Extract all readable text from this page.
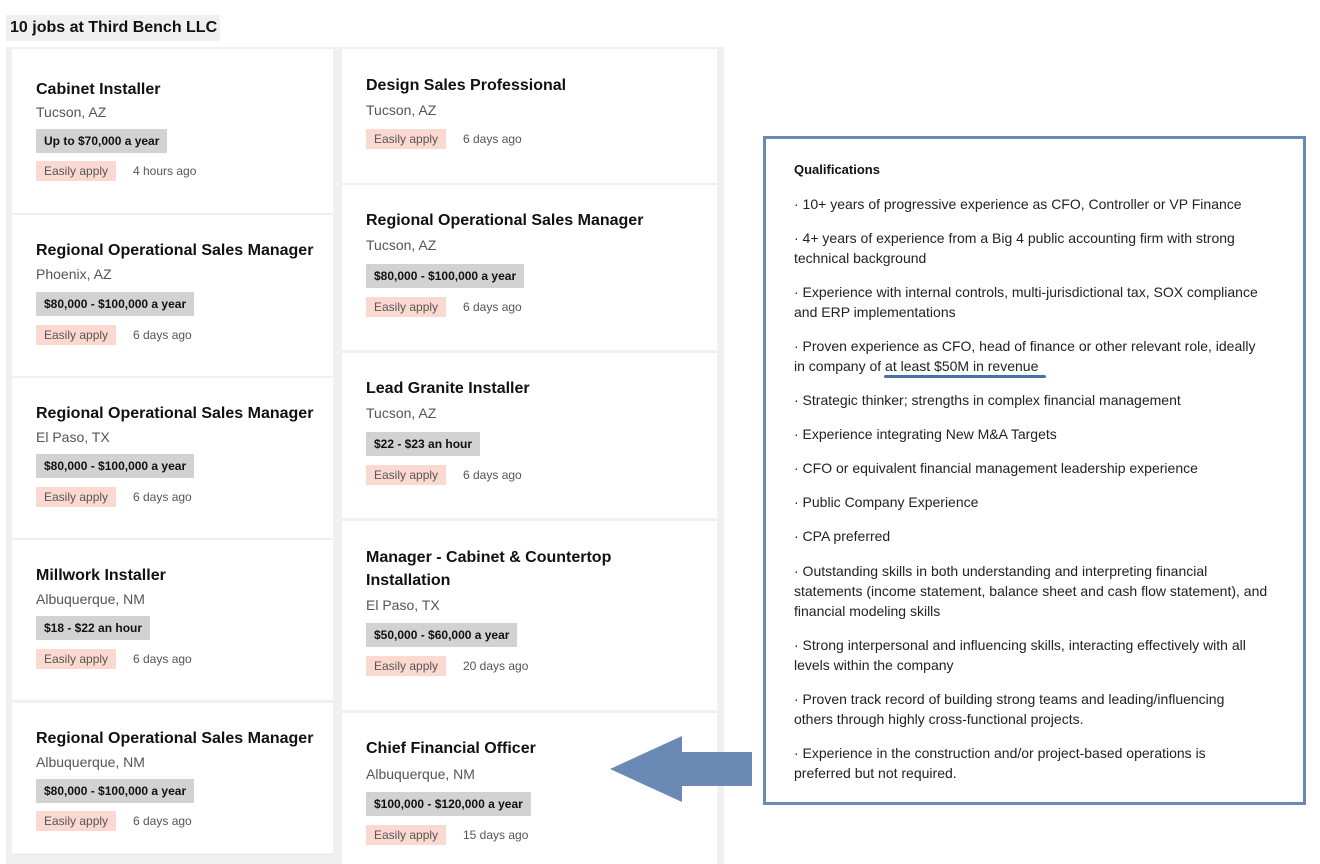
10 jobs at Third Bench LLC
Cabinet Installer
Tucson, AZ
Up to $70,000 a year
Easily apply	4 hours ago
Regional Operational Sales Manager
Phoenix, AZ
$80,000 - $100,000 a year
Easily apply	6 days ago
Regional Operational Sales Manager
El Paso, TX
$80,000 - $100,000 a year
Easily apply	6 days ago
Millwork Installer
Albuquerque, NM
$18 - $22 an hour
Easily apply	6 days ago
Regional Operational Sales Manager
Albuquerque, NM
$80,000 - $100,000 a year
Easily apply	6 days ago
Design Sales Professional
Tucson, AZ
Easily apply	6 days ago
Regional Operational Sales Manager
Tucson, AZ
$80,000 - $100,000 a year
Easily apply	6 days ago
Lead Granite Installer
Tucson, AZ
$22 - $23 an hour
Easily apply	6 days ago
Manager - Cabinet & Countertop
Installation
El Paso, TX
$50,000 - $60,000 a year
Easily apply	20 days ago
Chief Financial Officer
Albuquerque, NM
$100,000 - $120,000 a year
Easily apply	15 days ago
Qualifications
· 10+ years of progressive experience as CFO, Controller or VP Finance
· 4+ years of experience from a Big 4 public accounting firm with strong
technical background
· Experience with internal controls, multi-jurisdictional tax, SOX compliance
and ERP implementations
· Proven experience as CFO, head of finance or other relevant role, ideally
in company of at least $50M in revenue
· Strategic thinker; strengths in complex financial management
· Experience integrating New M&A Targets
· CFO or equivalent financial management leadership experience
· Public Company Experience
· CPA preferred
· Outstanding skills in both understanding and interpreting financial
statements (income statement, balance sheet and cash flow statement), and
financial modeling skills
· Strong interpersonal and influencing skills, interacting effectively with all
levels within the company
· Proven track record of building strong teams and leading/influencing
others through highly cross-functional projects.
· Experience in the construction and/or project-based operations is
preferred but not required.
